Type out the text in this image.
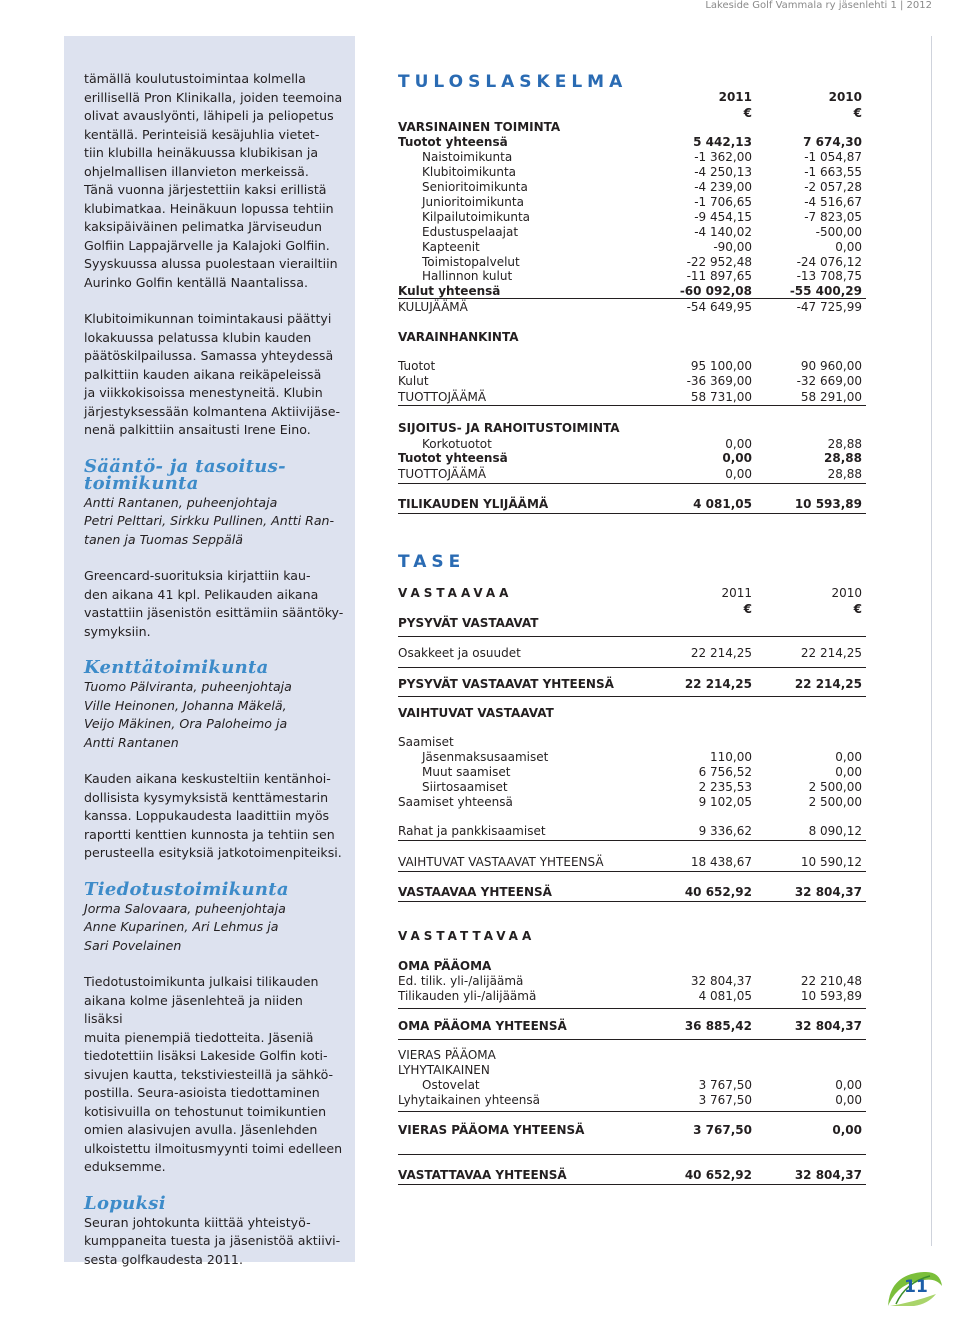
Lakeside Golf Vammala ry jäsenlehti 1 | 2012

tämällä koulutustoimintaa kolmella
erillisellä Pron Klinikalla, joiden teemoina
olivat avauslyönti, lähipeli ja peliopetus
kentällä. Perinteisiä kesäjuhlia vietet-
tiin klubilla heinäkuussa klubikisan ja
ohjelmallisen illanvieton merkeissä.
Tänä vuonna järjestettiin kaksi erillistä
klubimatkaa. Heinäkuun lopussa tehtiin
kaksipäiväinen pelimatka Järviseudun
Golfiin Lappajärvelle ja Kalajoki Golfiin.
Syyskuussa alussa puolestaan vierailtiin
Aurinko Golfin kentällä Naantalissa.

Klubitoimikunnan toimintakausi päättyi
lokakuussa pelatussa klubin kauden
päätöskilpailussa. Samassa yhteydessä
palkittiin kauden aikana reikäpeleissä
ja viikkokisoissa menestyneitä. Klubin
järjestyksessään kolmantena Aktiivijäse-
nenä palkittiin ansaitusti Irene Eino.

Sääntö- ja tasoitus-
toimikunta

Antti Rantanen, puheenjohtaja
Petri Pelttari, Sirkku Pullinen, Antti Ran-
tanen ja Tuomas Seppälä

Greencard-suorituksia kirjattiin kau-
den aikana 41 kpl. Pelikauden aikana
vastattiin jäsenistön esittämiin sääntöky-
symyksiin.

Kenttätoimikunta

Tuomo Pälviranta, puheenjohtaja
Ville Heinonen, Johanna Mäkelä,
Veijo Mäkinen, Ora Paloheimo ja
Antti Rantanen

Kauden aikana keskusteltiin kentänhoi-
dollisista kysymyksistä kenttämestarin
kanssa. Loppukaudesta laadittiin myös
raportti kenttien kunnosta ja tehtiin sen
perusteella esityksiä jatkotoimenpiteiksi.

Tiedotustoimikunta

Jorma Salovaara, puheenjohtaja
Anne Kuparinen, Ari Lehmus ja
Sari Povelainen

Tiedotustoimikunta julkaisi tilikauden
aikana kolme jäsenlehteä ja niiden lisäksi
muita pienempiä tiedotteita. Jäseniä
tiedotettiin lisäksi Lakeside Golfin koti-
sivujen kautta, tekstiviesteillä ja sähkö-
postilla. Seura-asioista tiedottaminen
kotisivuilla on tehostunut toimikuntien
omien alasivujen avulla. Jäsenlehden
ulkoistettu ilmoitusmyynti toimi edelleen
eduksemme.

Lopuksi

Seuran johtokunta kiittää yhteistyö-
kumppaneita tuesta ja jäsenistöä aktiivi-
sesta golfkaudesta 2011.

TULOSLASKELMA
TASE
2011	2010
€	€
VARSINAINEN TOIMINTA
Tuotot yhteensä	5 442,13	7 674,30
Naistoimikunta	-1 362,00	-1 054,87
Klubitoimikunta	-4 250,13	-1 663,55
Senioritoimikunta	-4 239,00	-2 057,28
Junioritoimikunta	-1 706,65	-4 516,67
Kilpailutoimikunta	-9 454,15	-7 823,05
Edustuspelaajat	-4 140,02	-500,00
Kapteenit	-90,00	0,00
Toimistopalvelut	-22 952,48	-24 076,12
Hallinnon kulut	-11 897,65	-13 708,75
Kulut yhteensä	-60 092,08	-55 400,29
KULUJÄÄMÄ	-54 649,95	-47 725,99
VARAINHANKINTA
Tuotot	95 100,00	90 960,00
Kulut	-36 369,00	-32 669,00
TUOTTOJÄÄMÄ	58 731,00	58 291,00
SIJOITUS- JA RAHOITUSTOIMINTA
Korkotuotot	0,00	28,88
Tuotot yhteensä	0,00	28,88
TUOTTOJÄÄMÄ	0,00	28,88
TILIKAUDEN YLIJÄÄMÄ	4 081,05	10 593,89
VASTAAVAA	2011	2010
€	€
VASTATTAVAA
PYSYVÄT VASTAAVAT
Osakkeet ja osuudet	22 214,25	22 214,25
PYSYVÄT VASTAAVAT YHTEENSÄ	22 214,25	22 214,25
VAIHTUVAT VASTAAVAT
Saamiset
Jäsenmaksusaamiset	110,00	0,00
Muut saamiset	6 756,52	0,00
Siirtosaamiset	2 235,53	2 500,00
Saamiset yhteensä	9 102,05	2 500,00
Rahat ja pankkisaamiset	9 336,62	8 090,12
VAIHTUVAT VASTAAVAT YHTEENSÄ	18 438,67	10 590,12
VASTAAVAA YHTEENSÄ	40 652,92	32 804,37
OMA PÄÄOMA
Ed. tilik. yli-/alijäämä	32 804,37	22 210,48
Tilikauden yli-/alijäämä	4 081,05	10 593,89
OMA PÄÄOMA YHTEENSÄ	36 885,42	32 804,37
VIERAS PÄÄOMA
LYHYTAIKAINEN
Ostovelat	3 767,50	0,00
Lyhytaikainen yhteensä	3 767,50	0,00
VIERAS PÄÄOMA YHTEENSÄ	3 767,50	0,00
VASTATTAVAA YHTEENSÄ	40 652,92	32 804,37
11
